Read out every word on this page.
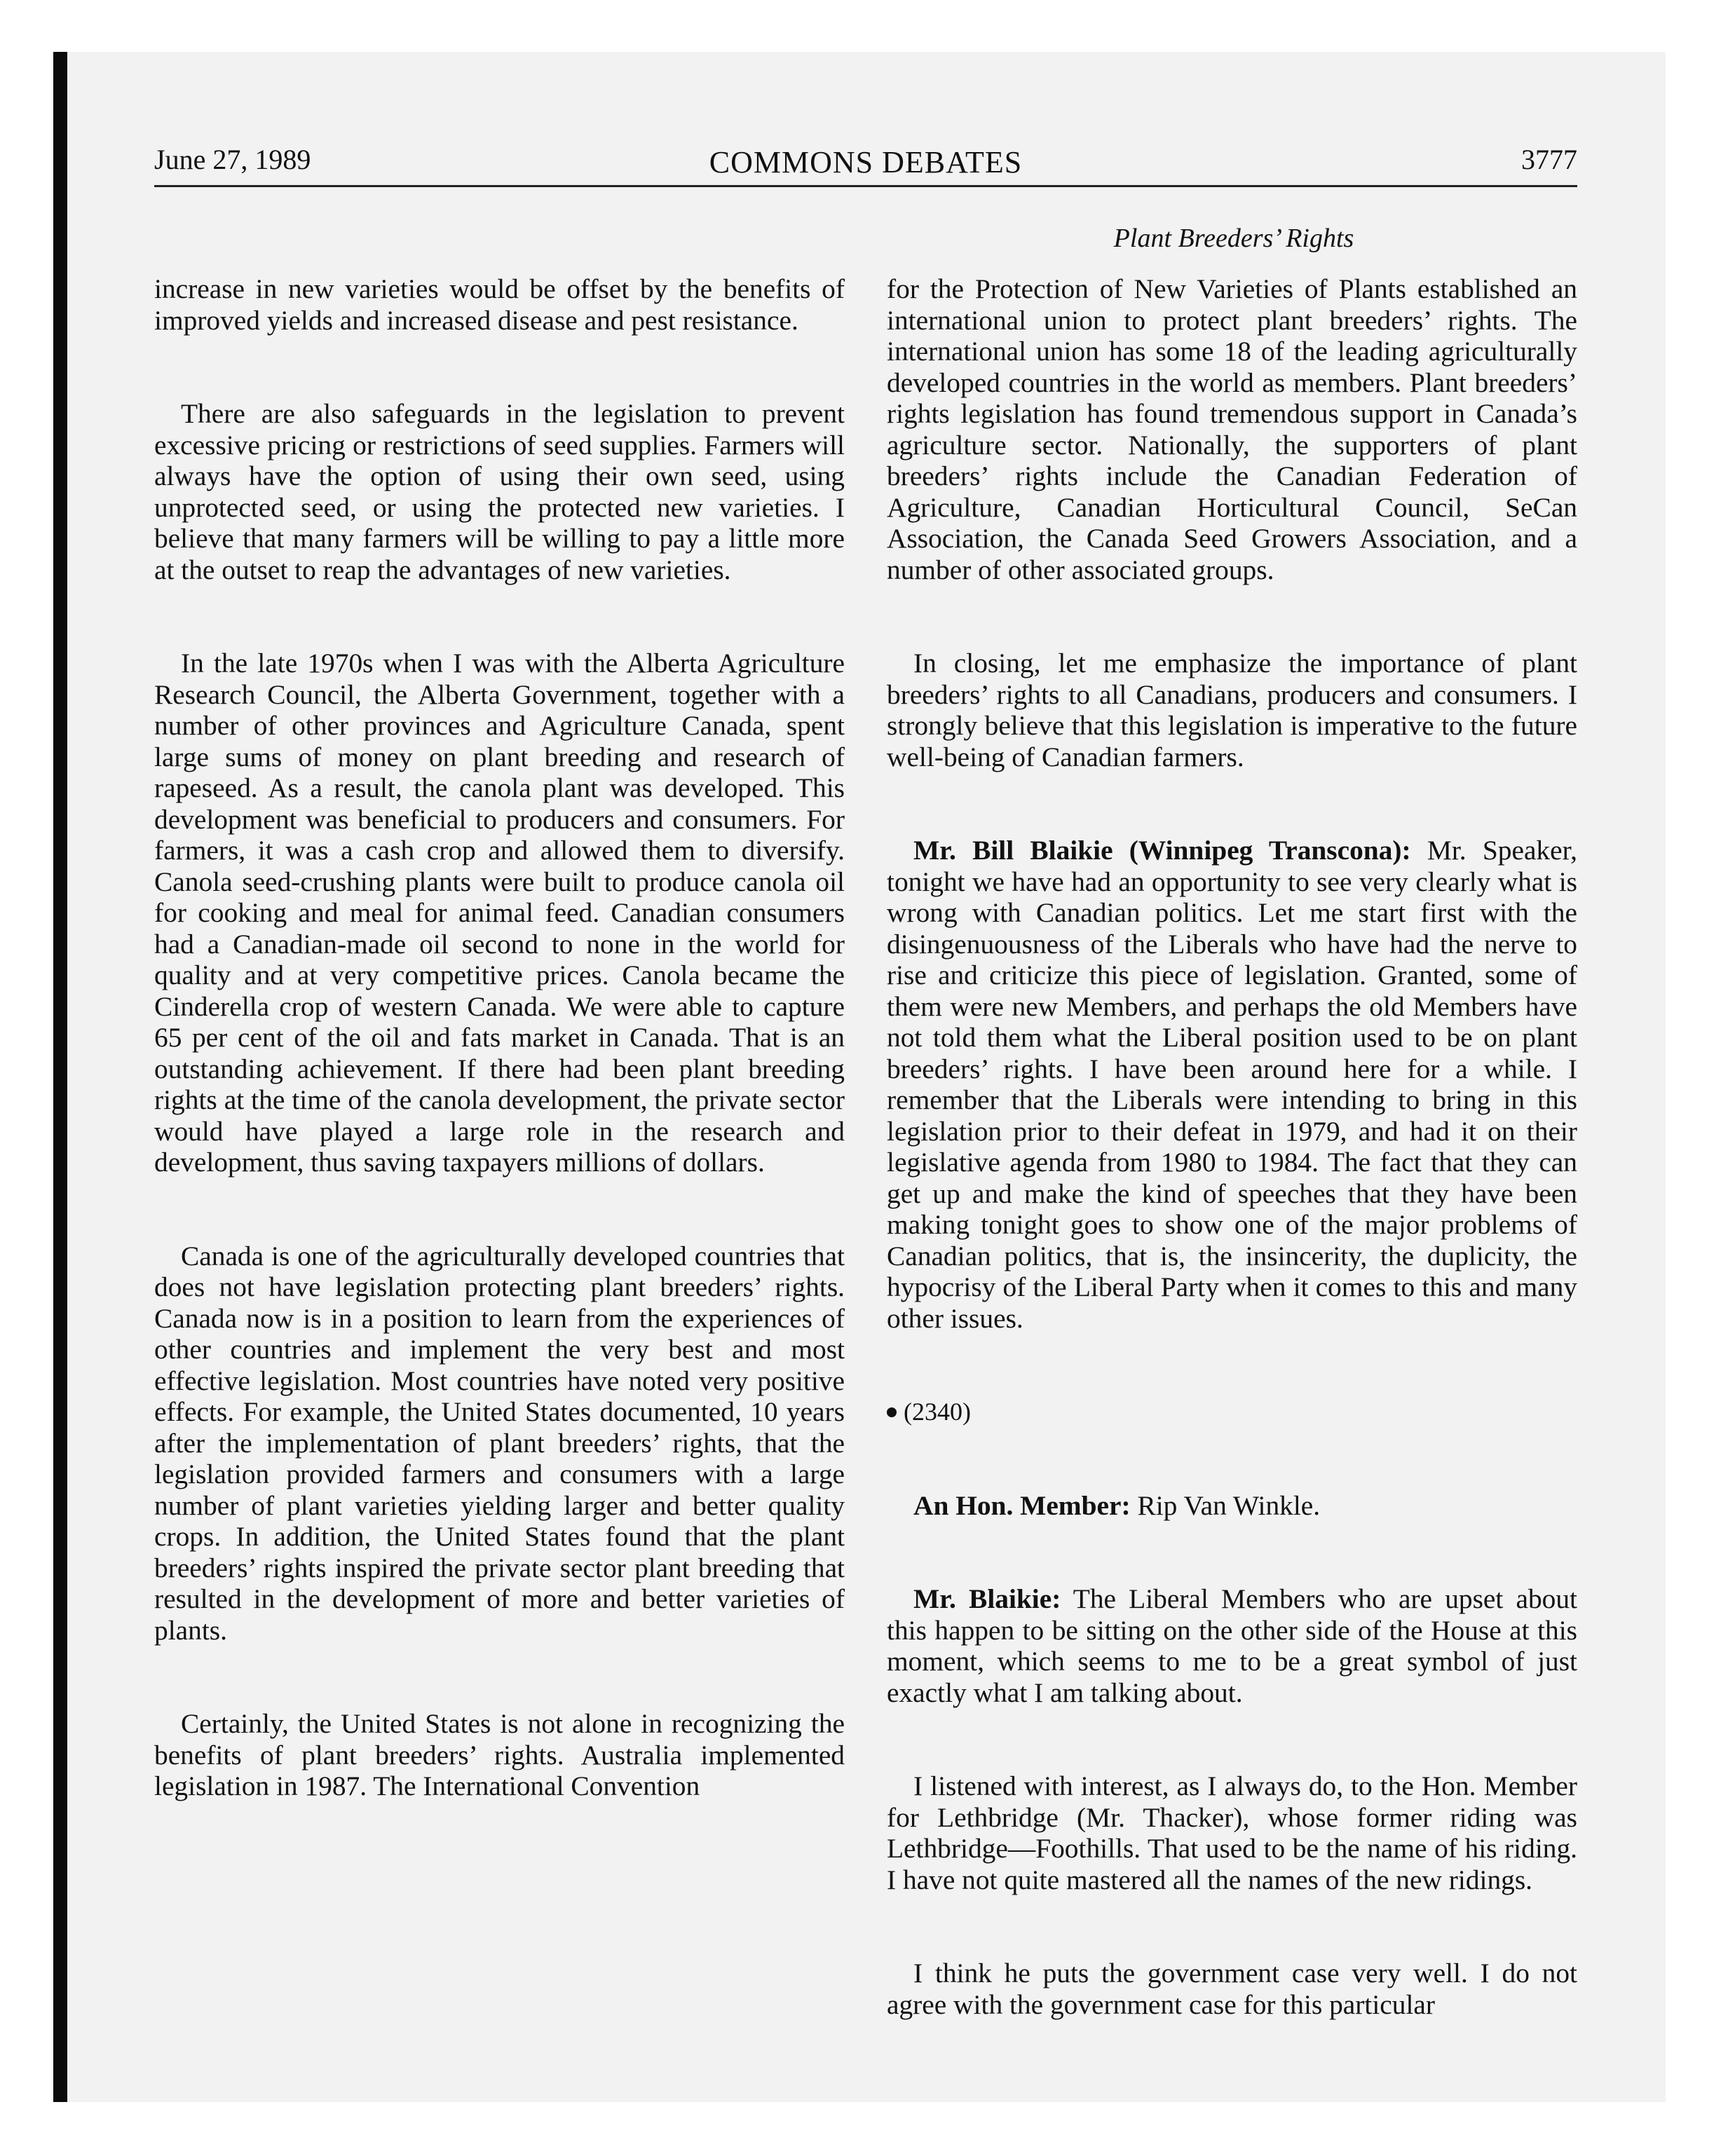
June 27, 1989	COMMONS DEBATES	3777
Plant Breeders’ Rights

increase in new varieties would be offset by the benefits of improved yields and increased disease and pest resistance.

There are also safeguards in the legislation to prevent excessive pricing or restrictions of seed supplies. Farmers will always have the option of using their own seed, using unprotected seed, or using the protected new varieties. I believe that many farmers will be willing to pay a little more at the outset to reap the advantages of new varieties.

In the late 1970s when I was with the Alberta Agriculture Research Council, the Alberta Government, together with a number of other provinces and Agriculture Canada, spent large sums of money on plant breeding and research of rapeseed. As a result, the canola plant was developed. This development was beneficial to producers and consumers. For farmers, it was a cash crop and allowed them to diversify. Canola seed-crushing plants were built to produce canola oil for cooking and meal for animal feed. Canadian consumers had a Canadian-made oil second to none in the world for quality and at very competitive prices. Canola became the Cinderella crop of western Canada. We were able to capture 65 per cent of the oil and fats market in Canada. That is an outstanding achievement. If there had been plant breeding rights at the time of the canola development, the private sector would have played a large role in the research and development, thus saving taxpayers millions of dollars.

Canada is one of the agriculturally developed countries that does not have legislation protecting plant breeders’ rights. Canada now is in a position to learn from the experiences of other countries and implement the very best and most effective legislation. Most countries have noted very positive effects. For example, the United States documented, 10 years after the implementation of plant breeders’ rights, that the legislation provided farmers and consumers with a large number of plant varieties yielding larger and better quality crops. In addition, the United States found that the plant breeders’ rights inspired the private sector plant breeding that resulted in the development of more and better varieties of plants.

Certainly, the United States is not alone in recognizing the benefits of plant breeders’ rights. Australia implemented legislation in 1987. The International Convention

for the Protection of New Varieties of Plants established an international union to protect plant breeders’ rights. The international union has some 18 of the leading agriculturally developed countries in the world as members. Plant breeders’ rights legislation has found tremendous support in Canada’s agriculture sector. Nationally, the supporters of plant breeders’ rights include the Canadian Federation of Agriculture, Canadian Horticultural Council, SeCan Association, the Canada Seed Growers Association, and a number of other associated groups.

In closing, let me emphasize the importance of plant breeders’ rights to all Canadians, producers and consumers. I strongly believe that this legislation is imperative to the future well-being of Canadian farmers.

Mr. Bill Blaikie (Winnipeg Transcona): Mr. Speaker, tonight we have had an opportunity to see very clearly what is wrong with Canadian politics. Let me start first with the disingenuousness of the Liberals who have had the nerve to rise and criticize this piece of legislation. Granted, some of them were new Members, and perhaps the old Members have not told them what the Liberal position used to be on plant breeders’ rights. I have been around here for a while. I remember that the Liberals were intending to bring in this legislation prior to their defeat in 1979, and had it on their legislative agenda from 1980 to 1984. The fact that they can get up and make the kind of speeches that they have been making tonight goes to show one of the major problems of Canadian politics, that is, the insincerity, the duplicity, the hypocrisy of the Liberal Party when it comes to this and many other issues.

(2340)

An Hon. Member: Rip Van Winkle.

Mr. Blaikie: The Liberal Members who are upset about this happen to be sitting on the other side of the House at this moment, which seems to me to be a great symbol of just exactly what I am talking about.

I listened with interest, as I always do, to the Hon. Member for Lethbridge (Mr. Thacker), whose former riding was Lethbridge—Foothills. That used to be the name of his riding. I have not quite mastered all the names of the new ridings.

I think he puts the government case very well. I do not agree with the government case for this particular
